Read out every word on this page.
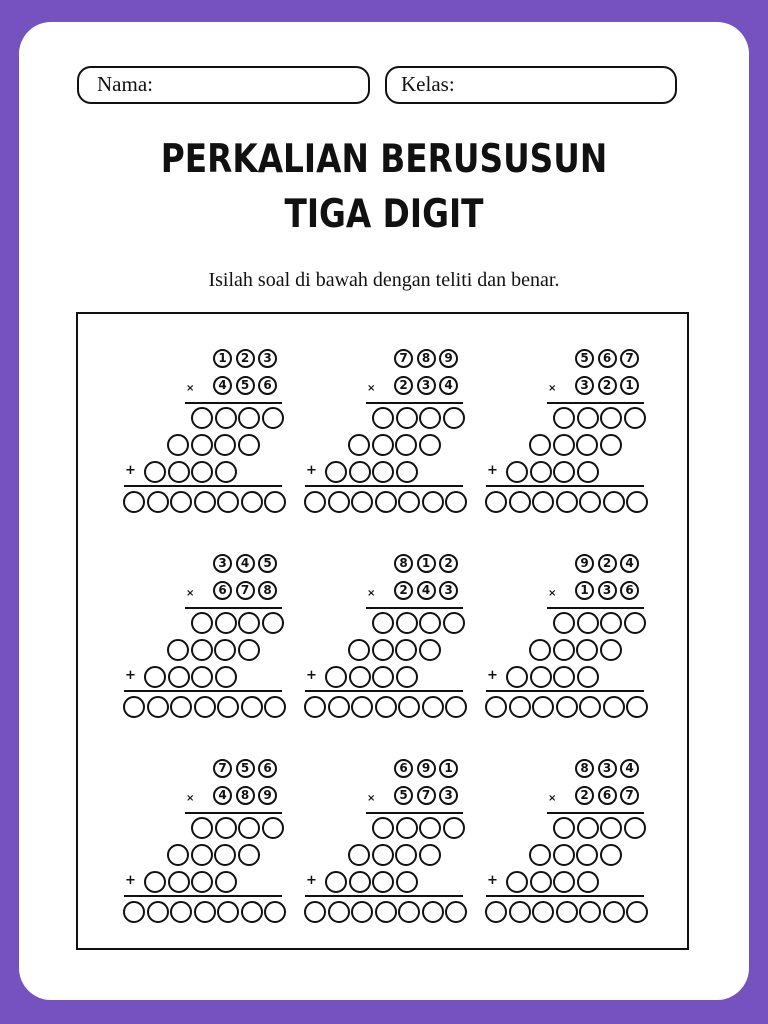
Nama:	Kelas:
PERKALIAN BERUSUSUN
TIGA DIGIT
Isilah soal di bawah dengan teliti dan benar.
1	2	3
4	5	6
×
+
7	8	9
2	3	4
×
+
5	6	7
3	2	1
×
+
3	4	5
6	7	8
×
+
8	1	2
2	4	3
×
+
9	2	4
1	3	6
×
+
7	5	6
4	8	9
×
+
6	9	1
5	7	3
×
+
8	3	4
2	6	7
×
+
